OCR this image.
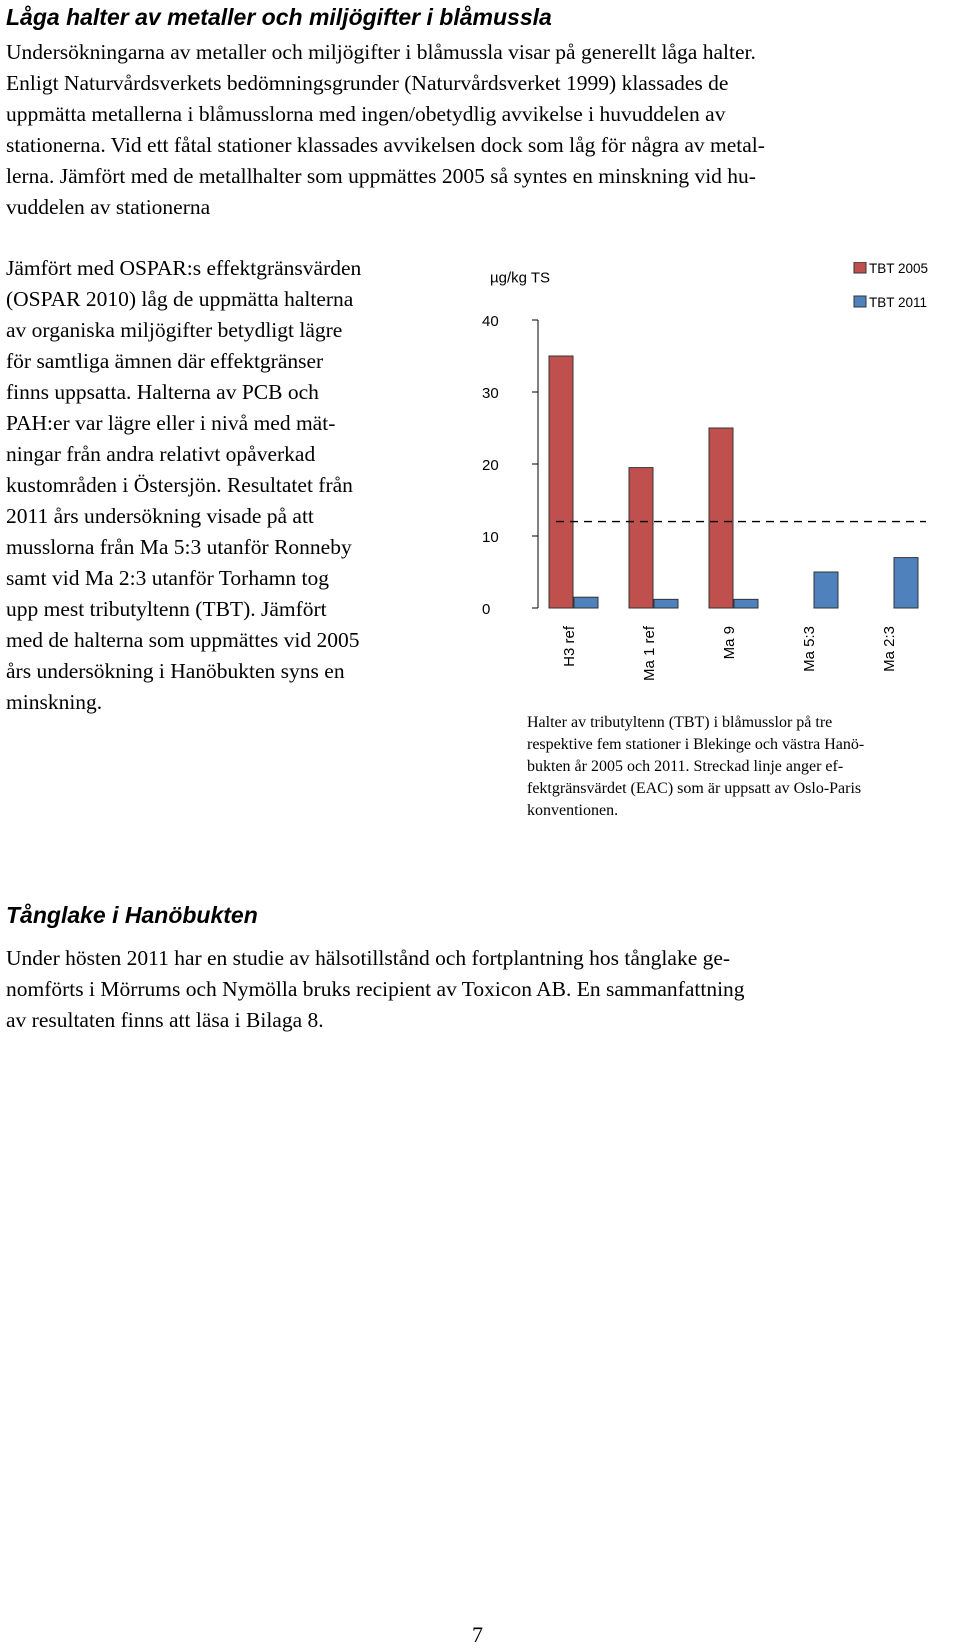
Låga halter av metaller och miljögifter i blåmussla

Undersökningarna av metaller och miljögifter i blåmussla visar på generellt låga halter.
Enligt Naturvårdsverkets bedömningsgrunder (Naturvårdsverket 1999) klassades de
uppmätta metallerna i blåmusslorna med ingen/obetydlig avvikelse i huvuddelen av
stationerna. Vid ett fåtal stationer klassades avvikelsen dock som låg för några av metal-
lerna. Jämfört med de metallhalter som uppmättes 2005 så syntes en minskning vid hu-
vuddelen av stationerna

Jämfört med OSPAR:s effektgränsvärden
(OSPAR 2010) låg de uppmätta halterna
av organiska miljögifter betydligt lägre
för samtliga ämnen där effektgränser
finns uppsatta. Halterna av PCB och
PAH:er var lägre eller i nivå med mät-
ningar från andra relativt opåverkad
kustområden i Östersjön. Resultatet från
2011 års undersökning visade på att
musslorna från Ma 5:3 utanför Ronneby
samt vid Ma 2:3 utanför Torhamn tog
upp mest tributyltenn (TBT). Jämfört
med de halterna som uppmättes vid 2005
års undersökning i Hanöbukten syns en
minskning.

µg/kg TS
0
10
20
30
40
H3 ref	Ma 1 ref	Ma 9	Ma 5:3	Ma 2:3
TBT 2005
TBT 2011

Halter av tributyltenn (TBT) i blåmusslor på tre
respektive fem stationer i Blekinge och västra Hanö-
bukten år 2005 och 2011. Streckad linje anger ef-
fektgränsvärdet (EAC) som är uppsatt av Oslo-Paris
konventionen.

Tånglake i Hanöbukten

Under hösten 2011 har en studie av hälsotillstånd och fortplantning hos tånglake ge-
nomförts i Mörrums och Nymölla bruks recipient av Toxicon AB. En sammanfattning
av resultaten finns att läsa i Bilaga 8.

7
